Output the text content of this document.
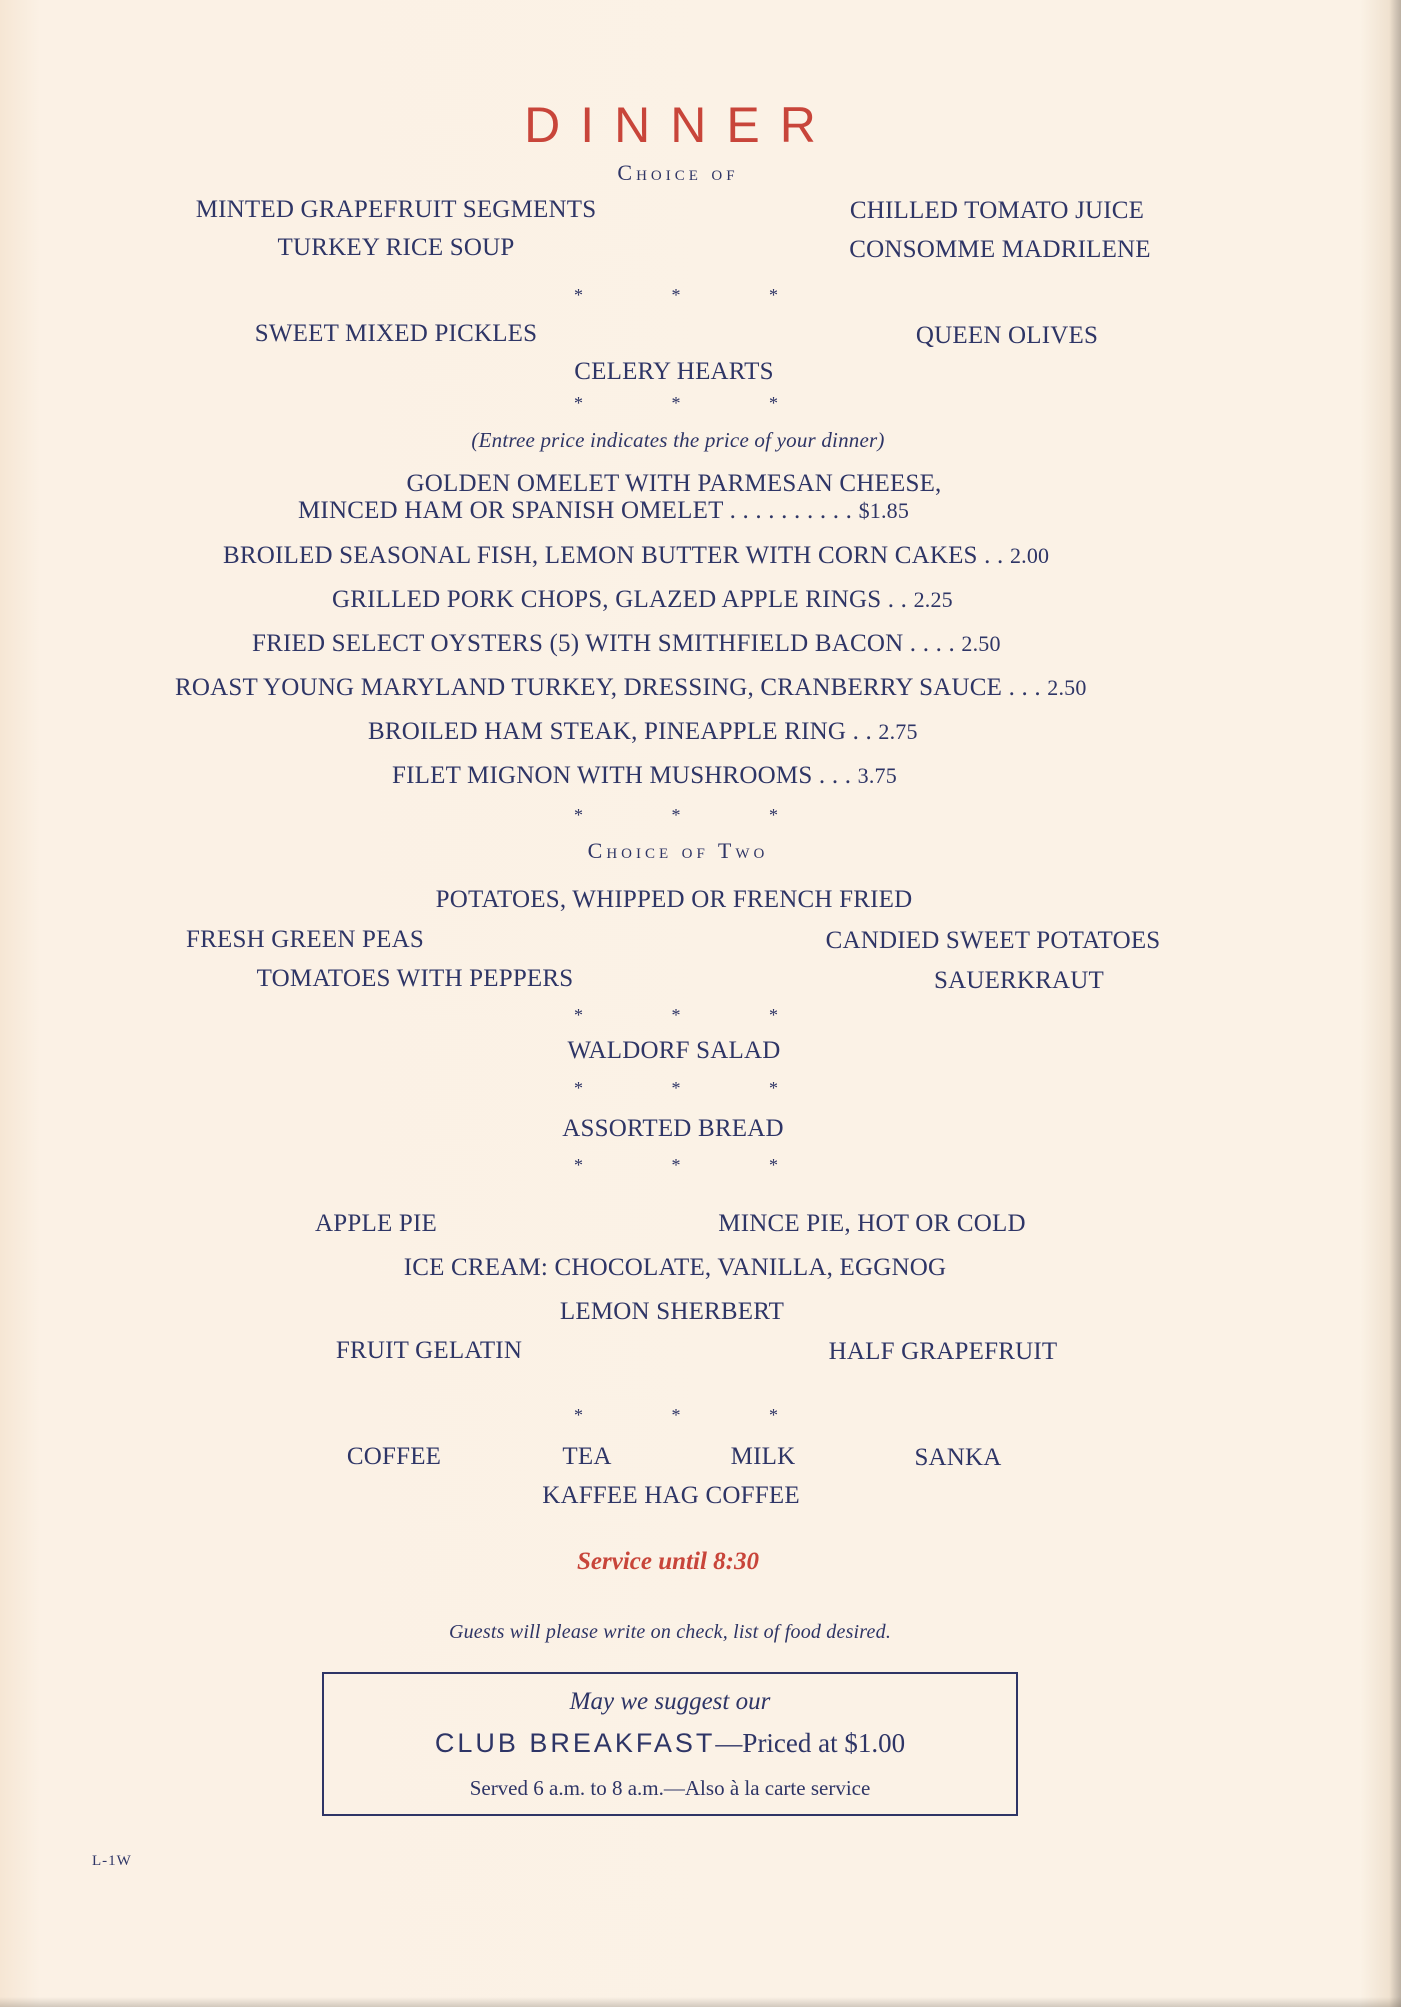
DINNER
Choice of
MINTED GRAPEFRUIT SEGMENTS	CHILLED TOMATO JUICE
TURKEY RICE SOUP	CONSOMME MADRILENE
* * *
SWEET MIXED PICKLES	QUEEN OLIVES
CELERY HEARTS
* * *
(Entree price indicates the price of your dinner)
GOLDEN OMELET WITH PARMESAN CHEESE,
MINCED HAM OR SPANISH OMELET . . . . . . . . . . $1.85
BROILED SEASONAL FISH, LEMON BUTTER WITH CORN CAKES . . 2.00
GRILLED PORK CHOPS, GLAZED APPLE RINGS . . 2.25
FRIED SELECT OYSTERS (5) WITH SMITHFIELD BACON . . . . 2.50
ROAST YOUNG MARYLAND TURKEY, DRESSING, CRANBERRY SAUCE . . . 2.50
BROILED HAM STEAK, PINEAPPLE RING . . 2.75
FILET MIGNON WITH MUSHROOMS . . . 3.75
* * *
Choice of Two
POTATOES, WHIPPED OR FRENCH FRIED
FRESH GREEN PEAS	CANDIED SWEET POTATOES
TOMATOES WITH PEPPERS	SAUERKRAUT
* * *
WALDORF SALAD
* * *
ASSORTED BREAD
* * *
APPLE PIE	MINCE PIE, HOT OR COLD
ICE CREAM: CHOCOLATE, VANILLA, EGGNOG
LEMON SHERBERT
FRUIT GELATIN	HALF GRAPEFRUIT
* * *
COFFEE	TEA	MILK	SANKA
KAFFEE HAG COFFEE
Service until 8:30
Guests will please write on check, list of food desired.
May we suggest our
CLUB BREAKFAST—Priced at $1.00
Served 6 a.m. to 8 a.m.—Also à la carte service
L-1W
